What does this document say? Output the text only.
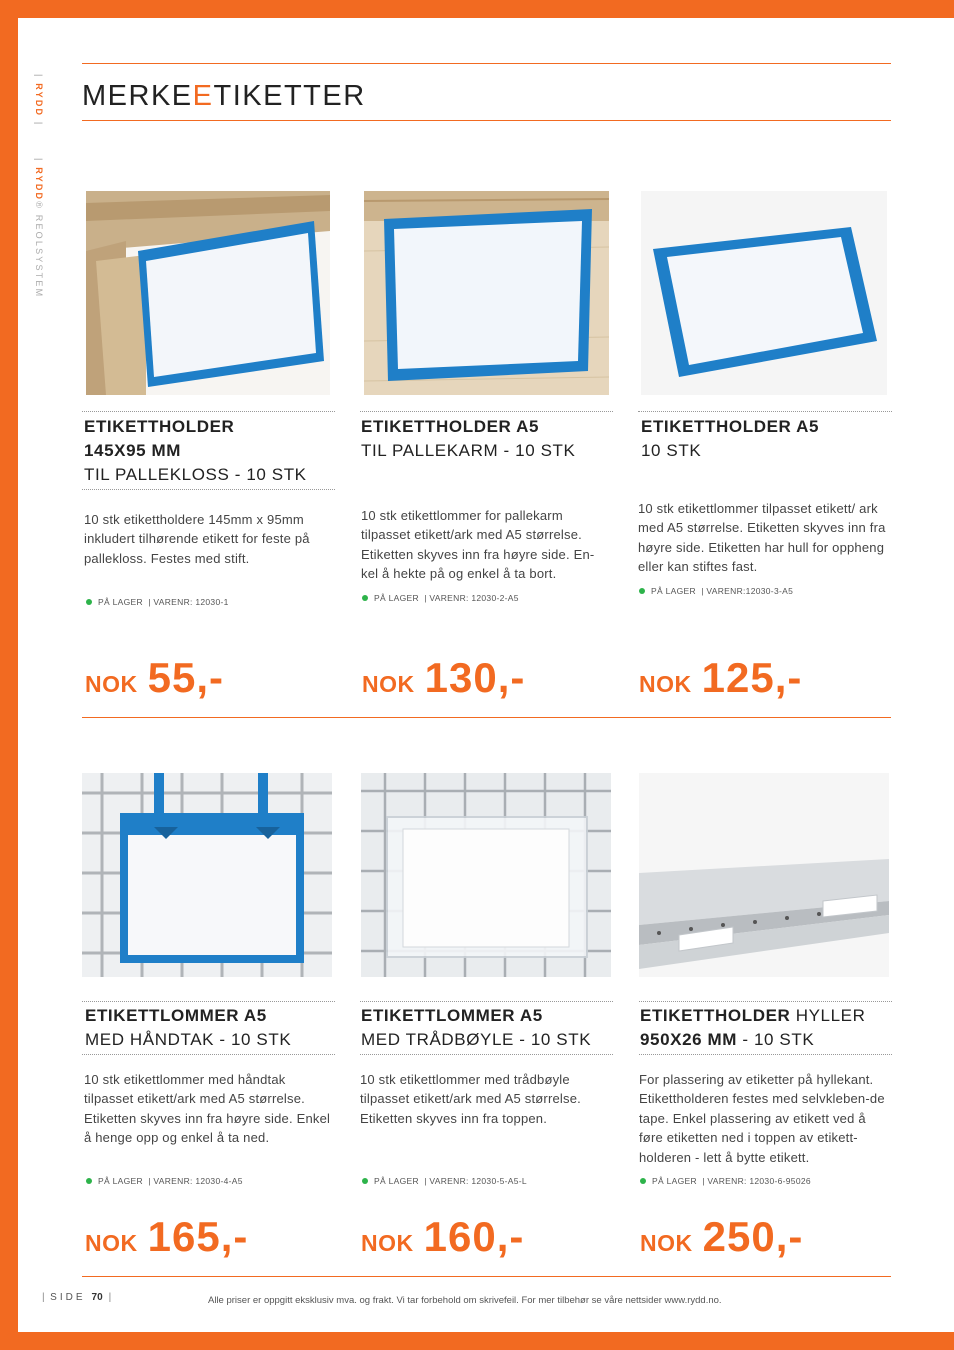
| RYDD |
| RYDD® REOLSYSTEM
MERKEETIKETTER
ETIKETTHOLDER
145X95 MM
TIL PALLEKLOSS - 10 STK
10 stk etikettholdere 145mm x 95mm inkludert tilhørende etikett for feste på pallekloss. Festes med stift.
PÅ LAGER | VARENR: 12030-1
NOK 55,-
ETIKETTHOLDER A5
TIL PALLEKARM - 10 STK
10 stk etikettlommer for pallekarm tilpasset etikett/ark med A5 størrelse. Etiketten skyves inn fra høyre side. En-kel å hekte på og enkel å ta bort.
PÅ LAGER | VARENR: 12030-2-A5
NOK 130,-
ETIKETTHOLDER A5
10 STK
10 stk etikettlommer tilpasset etikett/ ark med A5 størrelse. Etiketten skyves inn fra høyre side. Etiketten har hull for oppheng eller kan stiftes fast.
PÅ LAGER | VARENR:12030-3-A5
NOK 125,-
ETIKETTLOMMER A5
MED HÅNDTAK - 10 STK
10 stk etikettlommer med håndtak tilpasset etikett/ark med A5 størrelse. Etiketten skyves inn fra høyre side. Enkel å henge opp og enkel å ta ned.
PÅ LAGER | VARENR: 12030-4-A5
NOK 165,-
ETIKETTLOMMER A5
MED TRÅDBØYLE - 10 STK
10 stk etikettlommer med trådbøyle tilpasset etikett/ark med A5 størrelse. Etiketten skyves inn fra toppen.
PÅ LAGER | VARENR: 12030-5-A5-L
NOK 160,-
ETIKETTHOLDER HYLLER
950X26 MM - 10 STK
For plassering av etiketter på hyllekant. Etikettholderen festes med selvkleben-de tape. Enkel plassering av etikett ved å føre etiketten ned i toppen av etikett-holderen - lett å bytte etikett.
PÅ LAGER | VARENR: 12030-6-95026
NOK 250,-
| SIDE 70 |	Alle priser er oppgitt eksklusiv mva. og frakt. Vi tar forbehold om skrivefeil. For mer tilbehør se våre nettsider www.rydd.no.
